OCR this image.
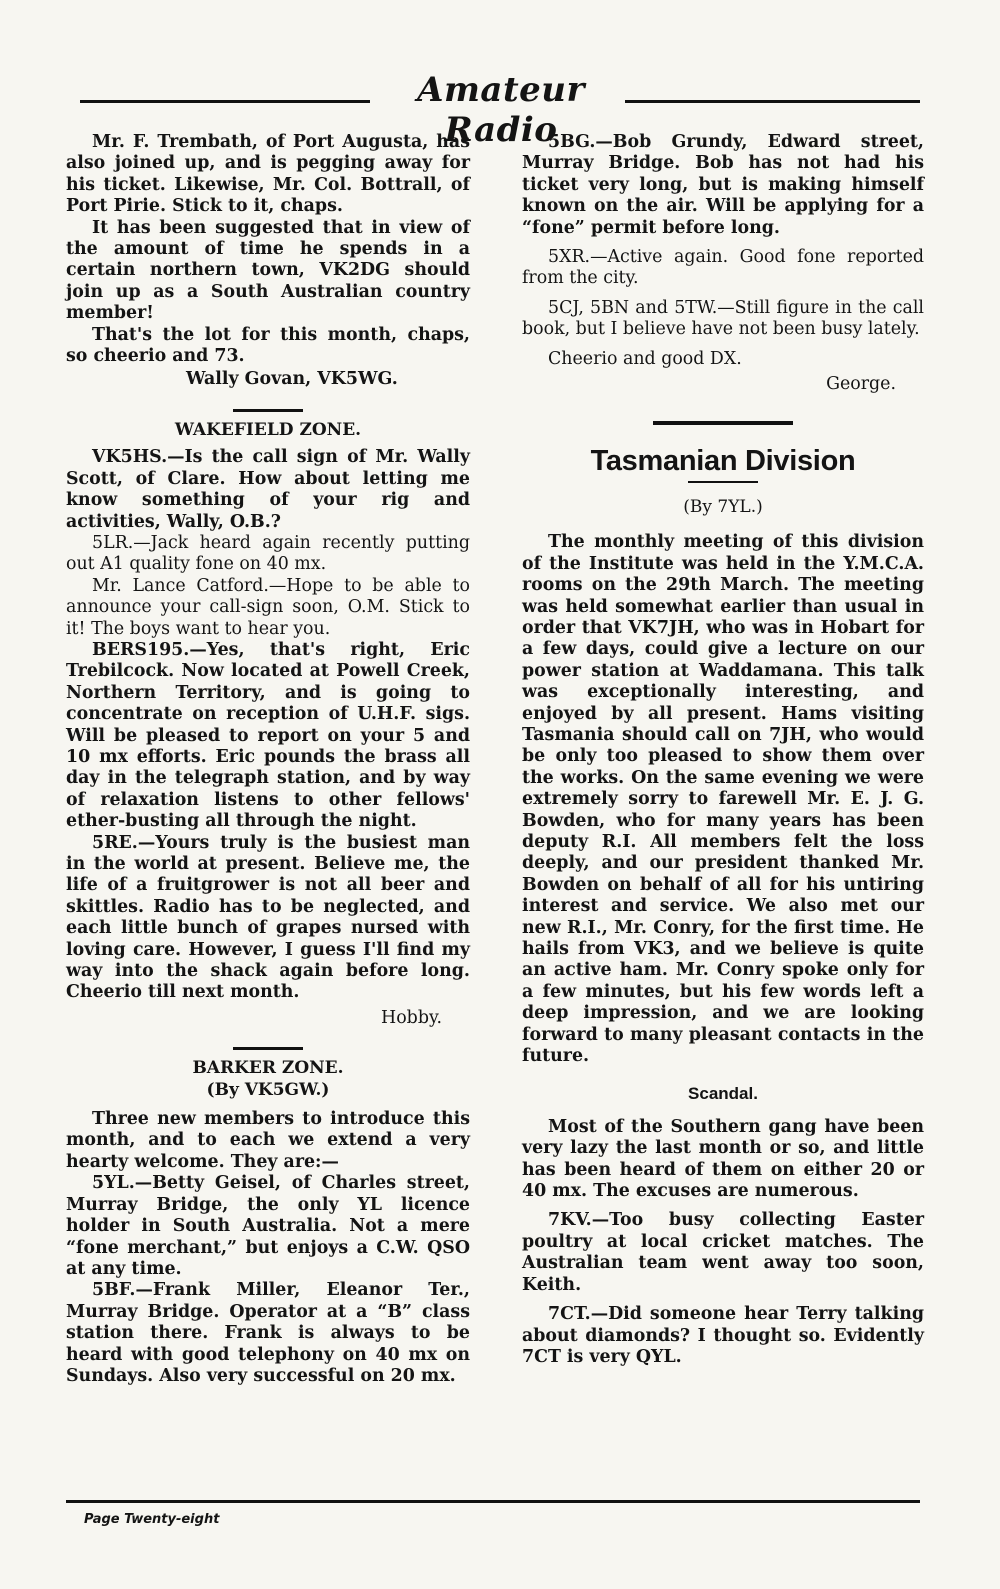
Amateur Radio

Mr. F. Trembath, of Port Augusta, has also joined up, and is pegging away for his ticket. Likewise, Mr. Col. Bottrall, of Port Pirie. Stick to it, chaps.

It has been suggested that in view of the amount of time he spends in a certain northern town, VK2DG should join up as a South Australian country member!

That's the lot for this month, chaps, so cheerio and 73.

Wally Govan, VK5WG.

WAKEFIELD ZONE.

VK5HS.—Is the call sign of Mr. Wally Scott, of Clare. How about letting me know something of your rig and activities, Wally, O.B.?

5LR.—Jack heard again recently putting out A1 quality fone on 40 mx.

Mr. Lance Catford.—Hope to be able to announce your call-sign soon, O.M. Stick to it! The boys want to hear you.

BERS195.—Yes, that's right, Eric Trebilcock. Now located at Powell Creek, Northern Territory, and is going to concentrate on reception of U.H.F. sigs. Will be pleased to report on your 5 and 10 mx efforts. Eric pounds the brass all day in the telegraph station, and by way of relaxation listens to other fellows' ether-busting all through the night.

5RE.—Yours truly is the busiest man in the world at present. Believe me, the life of a fruitgrower is not all beer and skittles. Radio has to be neglected, and each little bunch of grapes nursed with loving care. However, I guess I'll find my way into the shack again before long. Cheerio till next month.

Hobby.

BARKER ZONE.
(By VK5GW.)

Three new members to introduce this month, and to each we extend a very hearty welcome. They are:—

5YL.—Betty Geisel, of Charles street, Murray Bridge, the only YL licence holder in South Australia. Not a mere “fone merchant,” but enjoys a C.W. QSO at any time.

5BF.—Frank Miller, Eleanor Ter., Murray Bridge. Operator at a “B” class station there. Frank is always to be heard with good telephony on 40 mx on Sundays. Also very successful on 20 mx.

5BG.—Bob Grundy, Edward street, Murray Bridge. Bob has not had his ticket very long, but is making himself known on the air. Will be applying for a “fone” permit before long.

5XR.—Active again. Good fone reported from the city.

5CJ, 5BN and 5TW.—Still figure in the call book, but I believe have not been busy lately.

Cheerio and good DX.

George.

Tasmanian Division
(By 7YL.)

The monthly meeting of this division of the Institute was held in the Y.M.C.A. rooms on the 29th March. The meeting was held somewhat earlier than usual in order that VK7JH, who was in Hobart for a few days, could give a lecture on our power station at Waddamana. This talk was exceptionally interesting, and enjoyed by all present. Hams visiting Tasmania should call on 7JH, who would be only too pleased to show them over the works. On the same evening we were extremely sorry to farewell Mr. E. J. G. Bowden, who for many years has been deputy R.I. All members felt the loss deeply, and our president thanked Mr. Bowden on behalf of all for his untiring interest and service. We also met our new R.I., Mr. Conry, for the first time. He hails from VK3, and we believe is quite an active ham. Mr. Conry spoke only for a few minutes, but his few words left a deep impression, and we are looking forward to many pleasant contacts in the future.

Scandal.

Most of the Southern gang have been very lazy the last month or so, and little has been heard of them on either 20 or 40 mx. The excuses are numerous.

7KV.—Too busy collecting Easter poultry at local cricket matches. The Australian team went away too soon, Keith.

7CT.—Did someone hear Terry talking about diamonds? I thought so. Evidently 7CT is very QYL.

Page Twenty-eight
